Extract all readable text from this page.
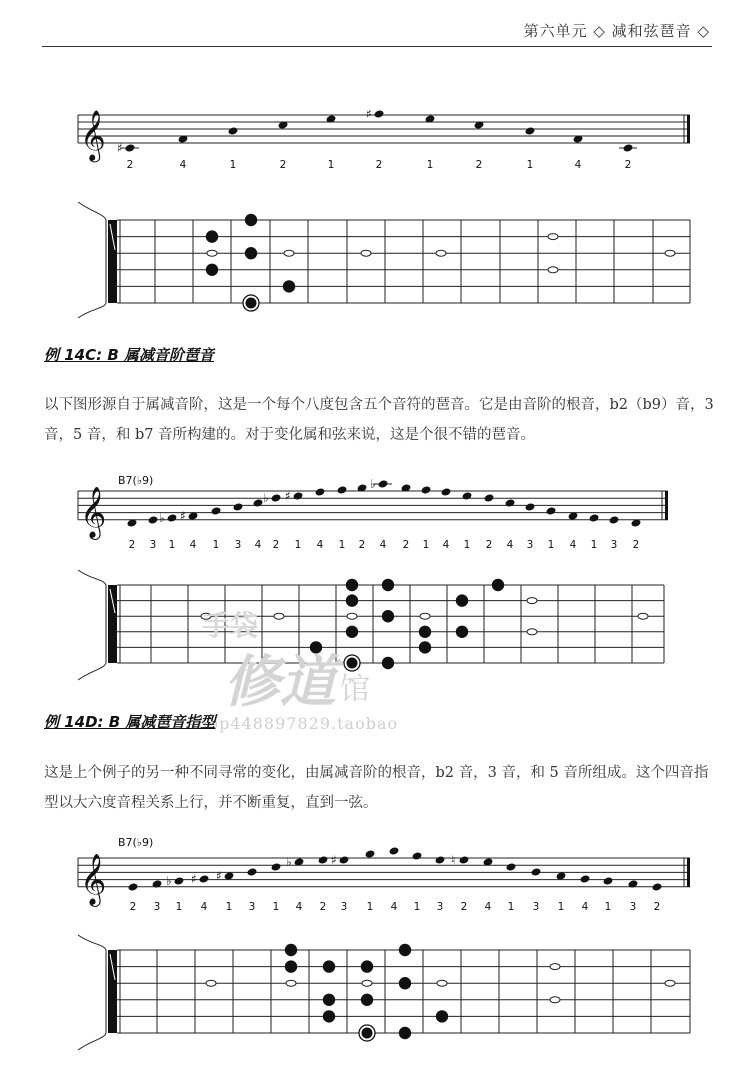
第六单元 ◇ 减和弦琶音 ◇
𝄞 ♯
♯
2	4	1	2	1	2	1	2	1	4	2
例 14C: B 属减音阶琶音
以下图形源自于属减音阶，这是一个每个八度包含五个音符的琶音。它是由音阶的根音，b2（b9）音，3 音，5 音，和 b7 音所构建的。对于变化属和弦来说，这是个很不错的琶音。
𝄞
B7(♭9)
♭ ♯
♭ ♯
♭
2 3 1 4 1 3 4 2 1 4 1 2 4 2 1 4 1 2 4 3 1 4 1 3 2
手袋
修道 馆
shop448897829.taobao
例 14D: B 属减琶音指型
这是上个例子的另一种不同寻常的变化，由属减音阶的根音，b2 音，3 音，和 5 音所组成。这个四音指型以大六度音程关系上行，并不断重复，直到一弦。
𝄞
B7(♭9)
♭ ♯ ♯
♭	♯	♮
2 3 1 4 1 3 1 4 2 3 1 4 1 3 2 4 1 3 1 4 1 3 2
